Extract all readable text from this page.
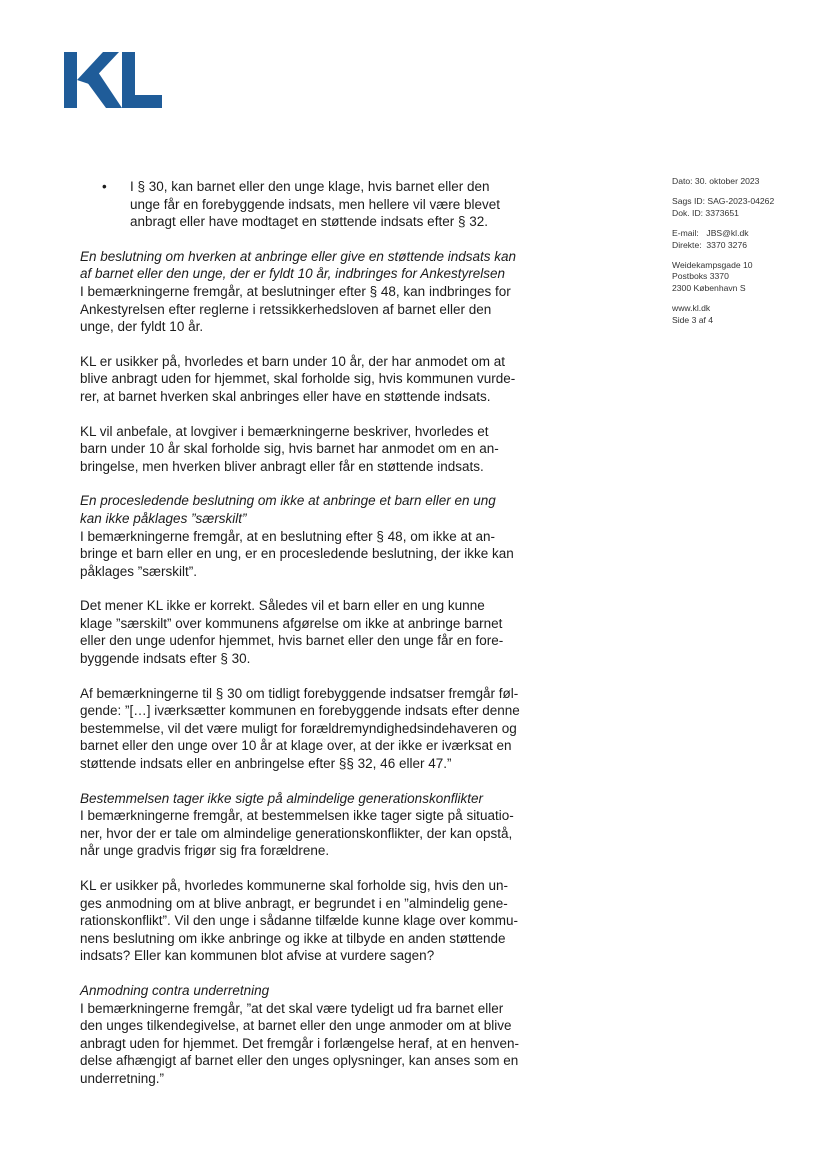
Dato: 30. oktober 2023
Sags ID: SAG-2023-04262
Dok. ID: 3373651
E-mail: JBS@kl.dk
Direkte: 3370 3276
Weidekampsgade 10
Postboks 3370
2300 København S
www.kl.dk
Side 3 af 4
• I § 30, kan barnet eller den unge klage, hvis barnet eller den
unge får en forebyggende indsats, men hellere vil være blevet
anbragt eller have modtaget en støttende indsats efter § 32.
En beslutning om hverken at anbringe eller give en støttende indsats kan
af barnet eller den unge, der er fyldt 10 år, indbringes for Ankestyrelsen
I bemærkningerne fremgår, at beslutninger efter § 48, kan indbringes for
Ankestyrelsen efter reglerne i retssikkerhedsloven af barnet eller den
unge, der fyldt 10 år.
KL er usikker på, hvorledes et barn under 10 år, der har anmodet om at
blive anbragt uden for hjemmet, skal forholde sig, hvis kommunen vurde-
rer, at barnet hverken skal anbringes eller have en støttende indsats.
KL vil anbefale, at lovgiver i bemærkningerne beskriver, hvorledes et
barn under 10 år skal forholde sig, hvis barnet har anmodet om en an-
bringelse, men hverken bliver anbragt eller får en støttende indsats.
En procesledende beslutning om ikke at anbringe et barn eller en ung
kan ikke påklages ”særskilt”
I bemærkningerne fremgår, at en beslutning efter § 48, om ikke at an-
bringe et barn eller en ung, er en procesledende beslutning, der ikke kan
påklages ”særskilt”.
Det mener KL ikke er korrekt. Således vil et barn eller en ung kunne
klage ”særskilt” over kommunens afgørelse om ikke at anbringe barnet
eller den unge udenfor hjemmet, hvis barnet eller den unge får en fore-
byggende indsats efter § 30.
Af bemærkningerne til § 30 om tidligt forebyggende indsatser fremgår føl-
gende: ”[…] iværksætter kommunen en forebyggende indsats efter denne
bestemmelse, vil det være muligt for forældremyndighedsindehaveren og
barnet eller den unge over 10 år at klage over, at der ikke er iværksat en
støttende indsats eller en anbringelse efter §§ 32, 46 eller 47.”
Bestemmelsen tager ikke sigte på almindelige generationskonflikter
I bemærkningerne fremgår, at bestemmelsen ikke tager sigte på situatio-
ner, hvor der er tale om almindelige generationskonflikter, der kan opstå,
når unge gradvis frigør sig fra forældrene.
KL er usikker på, hvorledes kommunerne skal forholde sig, hvis den un-
ges anmodning om at blive anbragt, er begrundet i en ”almindelig gene-
rationskonflikt”. Vil den unge i sådanne tilfælde kunne klage over kommu-
nens beslutning om ikke anbringe og ikke at tilbyde en anden støttende
indsats? Eller kan kommunen blot afvise at vurdere sagen?
Anmodning contra underretning
I bemærkningerne fremgår, ”at det skal være tydeligt ud fra barnet eller
den unges tilkendegivelse, at barnet eller den unge anmoder om at blive
anbragt uden for hjemmet. Det fremgår i forlængelse heraf, at en henven-
delse afhængigt af barnet eller den unges oplysninger, kan anses som en
underretning.”
